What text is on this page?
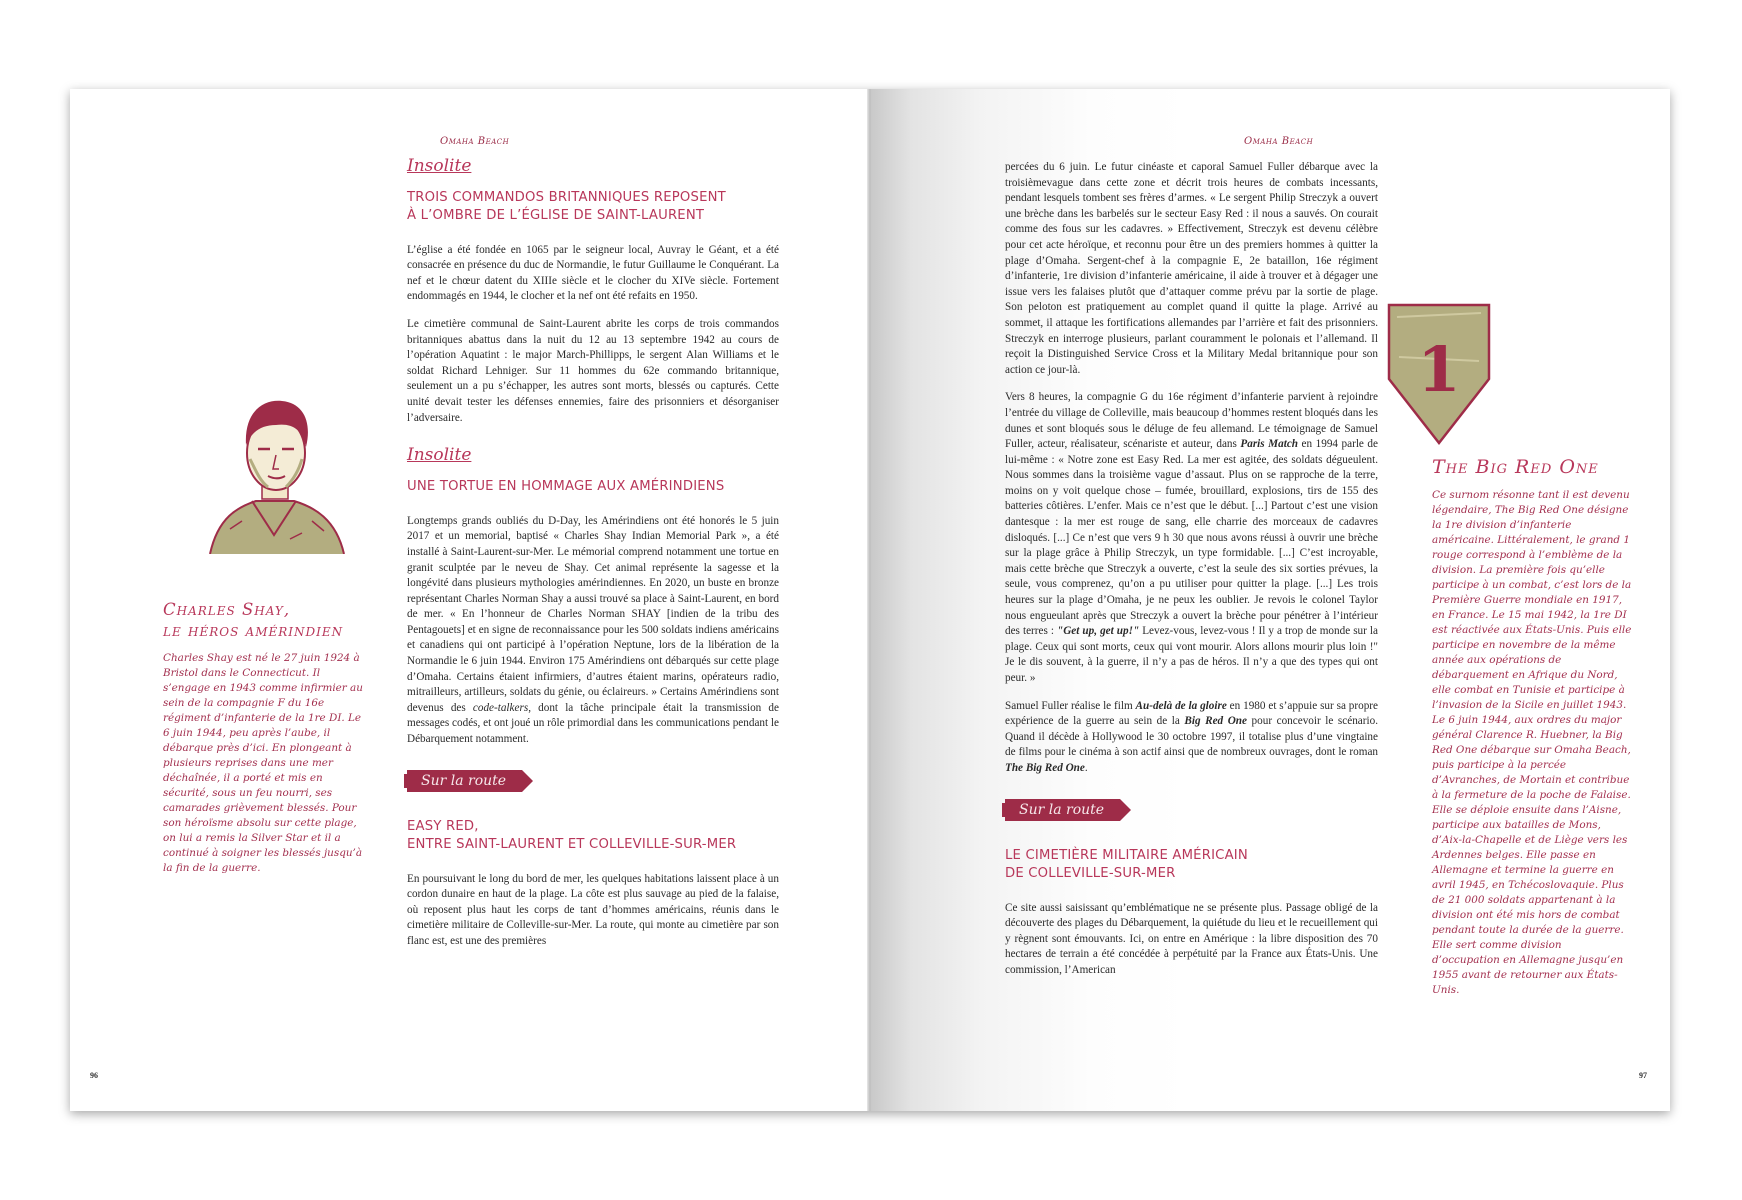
Omaha Beach
Insolite
TROIS COMMANDOS BRITANNIQUES REPOSENT
À L’OMBRE DE L’ÉGLISE DE SAINT-LAURENT

L’église a été fondée en 1065 par le seigneur local, Auvray le Géant, et a été consacrée en présence du duc de Normandie, le futur Guillaume le Conquérant. La nef et le chœur datent du XIIIe siècle et le clocher du XIVe siècle. Fortement endommagés en 1944, le clocher et la nef ont été refaits en 1950.

Le cimetière communal de Saint-Laurent abrite les corps de trois commandos britanniques abattus dans la nuit du 12 au 13 septembre 1942 au cours de l’opération Aquatint : le major March-Phillipps, le sergent Alan Williams et le soldat Richard Lehniger. Sur 11 hommes du 62e commando britannique, seulement un a pu s’échapper, les autres sont morts, blessés ou capturés. Cette unité devait tester les défenses ennemies, faire des prisonniers et désorganiser l’adversaire.

Insolite
UNE TORTUE EN HOMMAGE AUX AMÉRINDIENS

Longtemps grands oubliés du D-Day, les Amérindiens ont été honorés le 5 juin 2017 et un memorial, baptisé « Charles Shay Indian Memorial Park », a été installé à Saint-Laurent-sur-Mer. Le mémorial comprend notamment une tortue en granit sculptée par le neveu de Shay. Cet animal représente la sagesse et la longévité dans plusieurs mythologies amérindiennes. En 2020, un buste en bronze représentant Charles Norman Shay a aussi trouvé sa place à Saint-Laurent, en bord de mer. « En l’honneur de Charles Norman SHAY [indien de la tribu des Pentagouets] et en signe de reconnaissance pour les 500 soldats indiens américains et canadiens qui ont participé à l’opération Neptune, lors de la libération de la Normandie le 6 juin 1944. Environ 175 Amérindiens ont débarqués sur cette plage d’Omaha. Certains étaient infirmiers, d’autres étaient marins, opérateurs radio, mitrailleurs, artilleurs, soldats du génie, ou éclaireurs. » Certains Amérindiens sont devenus des code-talkers, dont la tâche principale était la transmission de messages codés, et ont joué un rôle primordial dans les communications pendant le Débarquement notamment.

Sur la route
EASY RED,
ENTRE SAINT-LAURENT ET COLLEVILLE-SUR-MER

En poursuivant le long du bord de mer, les quelques habitations laissent place à un cordon dunaire en haut de la plage. La côte est plus sauvage au pied de la falaise, où reposent plus haut les corps de tant d’hommes américains, réunis dans le cimetière militaire de Colleville-sur-Mer. La route, qui monte au cimetière par son flanc est, est une des premières

Charles Shay,
le héros amérindien
Charles Shay est né le 27 juin 1924 à Bristol dans le Connecticut. Il s’engage en 1943 comme infirmier au sein de la compagnie F du 16e régiment d’infanterie de la 1re DI. Le 6 juin 1944, peu après l’aube, il débarque près d’ici. En plongeant à plusieurs reprises dans une mer déchaînée, il a porté et mis en sécurité, sous un feu nourri, ses camarades grièvement blessés. Pour son héroïsme absolu sur cette plage, on lui a remis la Silver Star et il a continué à soigner les blessés jusqu’à la fin de la guerre.
96
Omaha Beach

percées du 6 juin. Le futur cinéaste et caporal Samuel Fuller débarque avec la troisièmevague dans cette zone et décrit trois heures de combats incessants, pendant lesquels tombent ses frères d’armes. « Le sergent Philip Streczyk a ouvert une brèche dans les barbelés sur le secteur Easy Red : il nous a sauvés. On courait comme des fous sur les cadavres. » Effectivement, Streczyk est devenu célèbre pour cet acte héroïque, et reconnu pour être un des premiers hommes à quitter la plage d’Omaha. Sergent-chef à la compagnie E, 2e bataillon, 16e régiment d’infanterie, 1re division d’infanterie américaine, il aide à trouver et à dégager une issue vers les falaises plutôt que d’attaquer comme prévu par la sortie de plage. Son peloton est pratiquement au complet quand il quitte la plage. Arrivé au sommet, il attaque les fortifications allemandes par l’arrière et fait des prisonniers. Streczyk en interroge plusieurs, parlant couramment le polonais et l’allemand. Il reçoit la Distinguished Service Cross et la Military Medal britannique pour son action ce jour-là.

Vers 8 heures, la compagnie G du 16e régiment d’infanterie parvient à rejoindre l’entrée du village de Colleville, mais beaucoup d’hommes restent bloqués dans les dunes et sont bloqués sous le déluge de feu allemand. Le témoignage de Samuel Fuller, acteur, réalisateur, scénariste et auteur, dans Paris Match en 1994 parle de lui-même : « Notre zone est Easy Red. La mer est agitée, des soldats dégueulent. Nous sommes dans la troisième vague d’assaut. Plus on se rapproche de la terre, moins on y voit quelque chose – fumée, brouillard, explosions, tirs de 155 des batteries côtières. L’enfer. Mais ce n’est que le début. [...] Partout c’est une vision dantesque : la mer est rouge de sang, elle charrie des morceaux de cadavres disloqués. [...] Ce n’est que vers 9 h 30 que nous avons réussi à ouvrir une brèche sur la plage grâce à Philip Streczyk, un type formidable. [...] C’est incroyable, mais cette brèche que Streczyk a ouverte, c’est la seule des six sorties prévues, la seule, vous comprenez, qu’on a pu utiliser pour quitter la plage. [...] Les trois heures sur la plage d’Omaha, je ne peux les oublier. Je revois le colonel Taylor nous engueulant après que Streczyk a ouvert la brèche pour pénétrer à l’intérieur des terres : "Get up, get up!" Levez-vous, levez-vous ! Il y a trop de monde sur la plage. Ceux qui sont morts, ceux qui vont mourir. Alors allons mourir plus loin !" Je le dis souvent, à la guerre, il n’y a pas de héros. Il n’y a que des types qui ont peur. »

Samuel Fuller réalise le film Au-delà de la gloire en 1980 et s’appuie sur sa propre expérience de la guerre au sein de la Big Red One pour concevoir le scénario. Quand il décède à Hollywood le 30 octobre 1997, il totalise plus d’une vingtaine de films pour le cinéma à son actif ainsi que de nombreux ouvrages, dont le roman The Big Red One.

Sur la route
LE CIMETIÈRE MILITAIRE AMÉRICAIN
DE COLLEVILLE-SUR-MER

Ce site aussi saisissant qu’emblématique ne se présente plus. Passage obligé de la découverte des plages du Débarquement, la quiétude du lieu et le recueillement qui y règnent sont émouvants. Ici, on entre en Amérique : la libre disposition des 70 hectares de terrain a été concédée à perpétuité par la France aux États-Unis. Une commission, l’American

1
The Big Red One
Ce surnom résonne tant il est devenu légendaire, The Big Red One désigne la 1re division d’infanterie américaine. Littéralement, le grand 1 rouge correspond à l’emblème de la division. La première fois qu’elle participe à un combat, c’est lors de la Première Guerre mondiale en 1917, en France. Le 15 mai 1942, la 1re DI est réactivée aux États-Unis. Puis elle participe en novembre de la même année aux opérations de débarquement en Afrique du Nord, elle combat en Tunisie et participe à l’invasion de la Sicile en juillet 1943. Le 6 juin 1944, aux ordres du major général Clarence R. Huebner, la Big Red One débarque sur Omaha Beach, puis participe à la percée d’Avranches, de Mortain et contribue à la fermeture de la poche de Falaise. Elle se déploie ensuite dans l’Aisne, participe aux batailles de Mons, d’Aix-la-Chapelle et de Liège vers les Ardennes belges. Elle passe en Allemagne et termine la guerre en avril 1945, en Tchécoslovaquie. Plus de 21 000 soldats appartenant à la division ont été mis hors de combat pendant toute la durée de la guerre. Elle sert comme division d’occupation en Allemagne jusqu’en 1955 avant de retourner aux États-Unis.
97
